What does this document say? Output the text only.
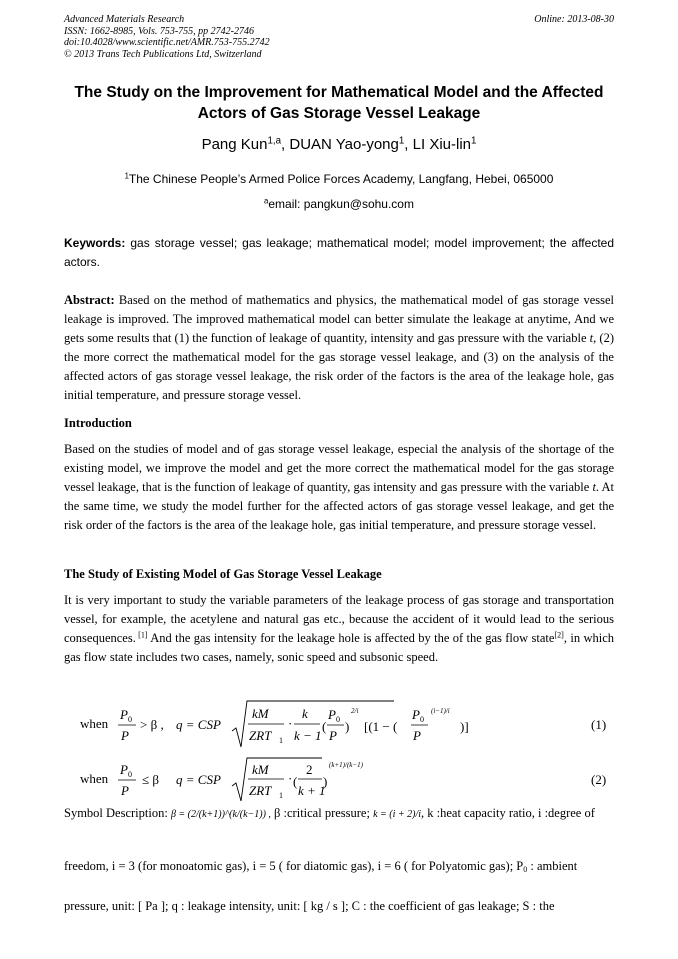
Advanced Materials Research
ISSN: 1662-8985, Vols. 753-755, pp 2742-2746
doi:10.4028/www.scientific.net/AMR.753-755.2742
© 2013 Trans Tech Publications Ltd, Switzerland
Online: 2013-08-30
The Study on the Improvement for Mathematical Model and the Affected Actors of Gas Storage Vessel Leakage
Pang Kun$^{1,a}$, DUAN Yao-yong$^1$, LI Xiu-lin$^1$
$^1$The Chinese People’s Armed Police Forces Academy, Langfang, Hebei, 065000
$^a$email: pangkun@sohu.com
Keywords: gas storage vessel; gas leakage; mathematical model; model improvement; the affected actors.
Abstract: Based on the method of mathematics and physics, the mathematical model of gas storage vessel leakage is improved. The improved mathematical model can better simulate the leakage at anytime, And we gets some results that (1) the function of leakage of quantity, intensity and gas pressure with the variable t, (2) the more correct the mathematical model for the gas storage vessel leakage, and (3) on the analysis of the affected actors of gas storage vessel leakage, the risk order of the factors is the area of the leakage hole, gas initial temperature, and pressure storage vessel.
Introduction
Based on the studies of model and of gas storage vessel leakage, especial the analysis of the shortage of the existing model, we improve the model and get the more correct the mathematical model for the gas storage vessel leakage, that is the function of leakage of quantity, gas intensity and gas pressure with the variable t. At the same time, we study the model further for the affected actors of gas storage vessel leakage, and get the risk order of the factors is the area of the leakage hole, gas initial temperature, and pressure storage vessel.
The Study of Existing Model of Gas Storage Vessel Leakage
It is very important to study the variable parameters of the leakage process of gas storage and transportation vessel, for example, the acetylene and natural gas etc., because the accident of it would lead to the serious consequences. [1] And the gas intensity for the leakage hole is affected by the of the gas flow state[2], in which gas flow state includes two cases, namely, sonic speed and subsonic speed.
when
P 0
P
> β , q = CSP
kM
ZRT 1
·
k
k − 1
(
P 0
P
)
2/i
[(1 − (
P 0
P
(i−1)/i
)]	(1)
when
P 0
P
≤ β q = CSP
kM
ZRT 1
· (
2
k + 1
)
(k+1)/(k−1)
(2)
Symbol Description: β = (2/(k+1))^(k/(k−1)) , β :critical pressure; k = (i + 2)/i, k :heat capacity ratio, i :degree of
freedom, i = 3 (for monoatomic gas), i = 5 ( for diatomic gas), i = 6 ( for Polyatomic gas); P0 : ambient
pressure, unit: [ Pa ]; q : leakage intensity, unit: [ kg / s ]; C : the coefficient of gas leakage; S : the
